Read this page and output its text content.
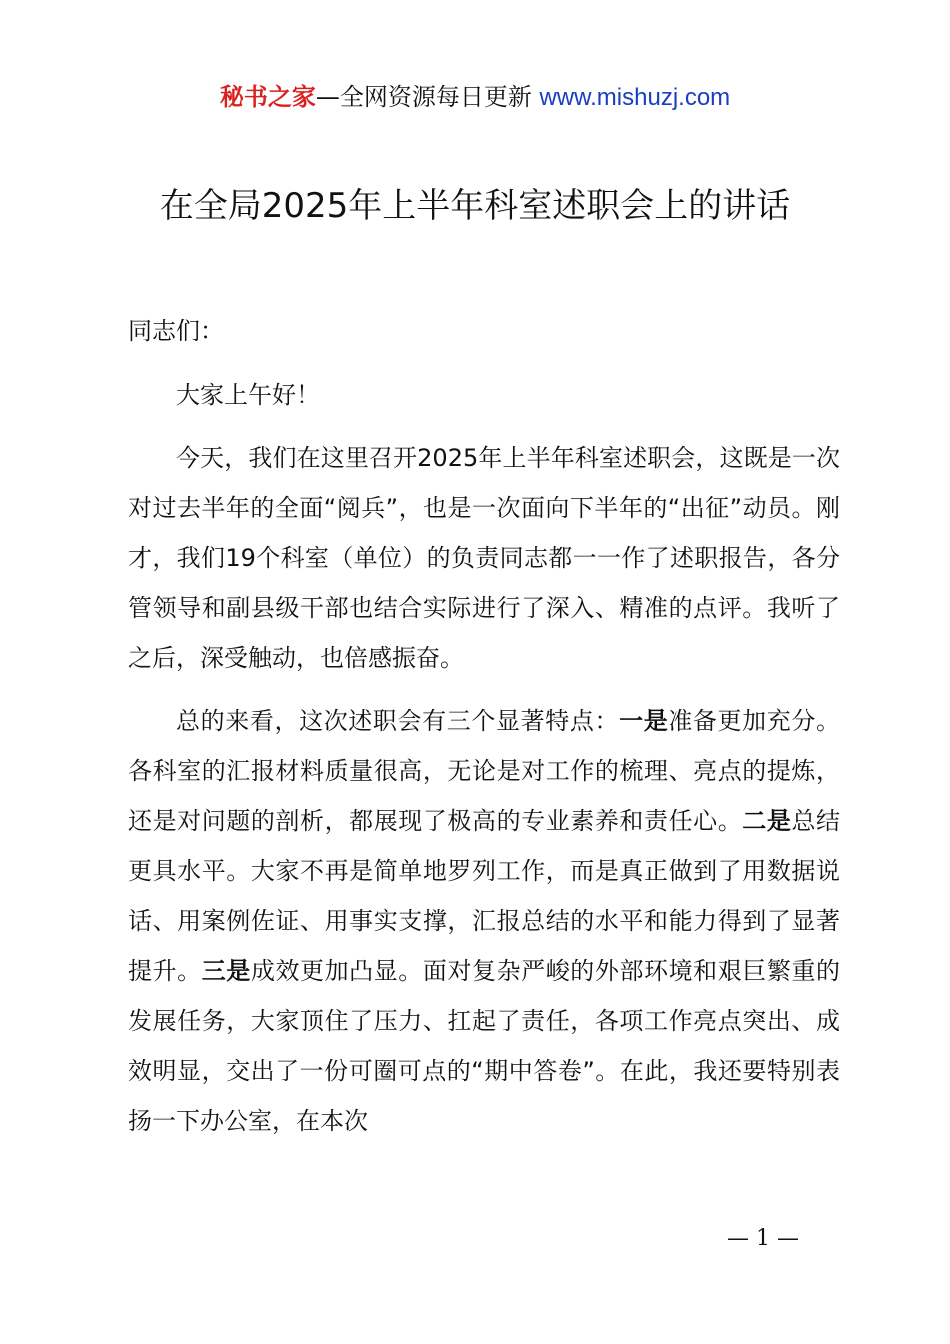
秘书之家—全网资源每日更新 www.mishuzj.com
在全局2025年上半年科室述职会上的讲话

同志们：

大家上午好！

今天，我们在这里召开2025年上半年科室述职会，这既是一次对过去半年的全面“阅兵”，也是一次面向下半年的“出征”动员。刚才，我们19个科室（单位）的负责同志都一一作了述职报告，各分管领导和副县级干部也结合实际进行了深入、精准的点评。我听了之后，深受触动，也倍感振奋。

总的来看，这次述职会有三个显著特点：一是准备更加充分。各科室的汇报材料质量很高，无论是对工作的梳理、亮点的提炼，还是对问题的剖析，都展现了极高的专业素养和责任心。二是总结更具水平。大家不再是简单地罗列工作，而是真正做到了用数据说话、用案例佐证、用事实支撑，汇报总结的水平和能力得到了显著提升。三是成效更加凸显。面对复杂严峻的外部环境和艰巨繁重的发展任务，大家顶住了压力、扛起了责任，各项工作亮点突出、成效明显，交出了一份可圈可点的“期中答卷”。在此，我还要特别表扬一下办公室，在本次

— 1 —
